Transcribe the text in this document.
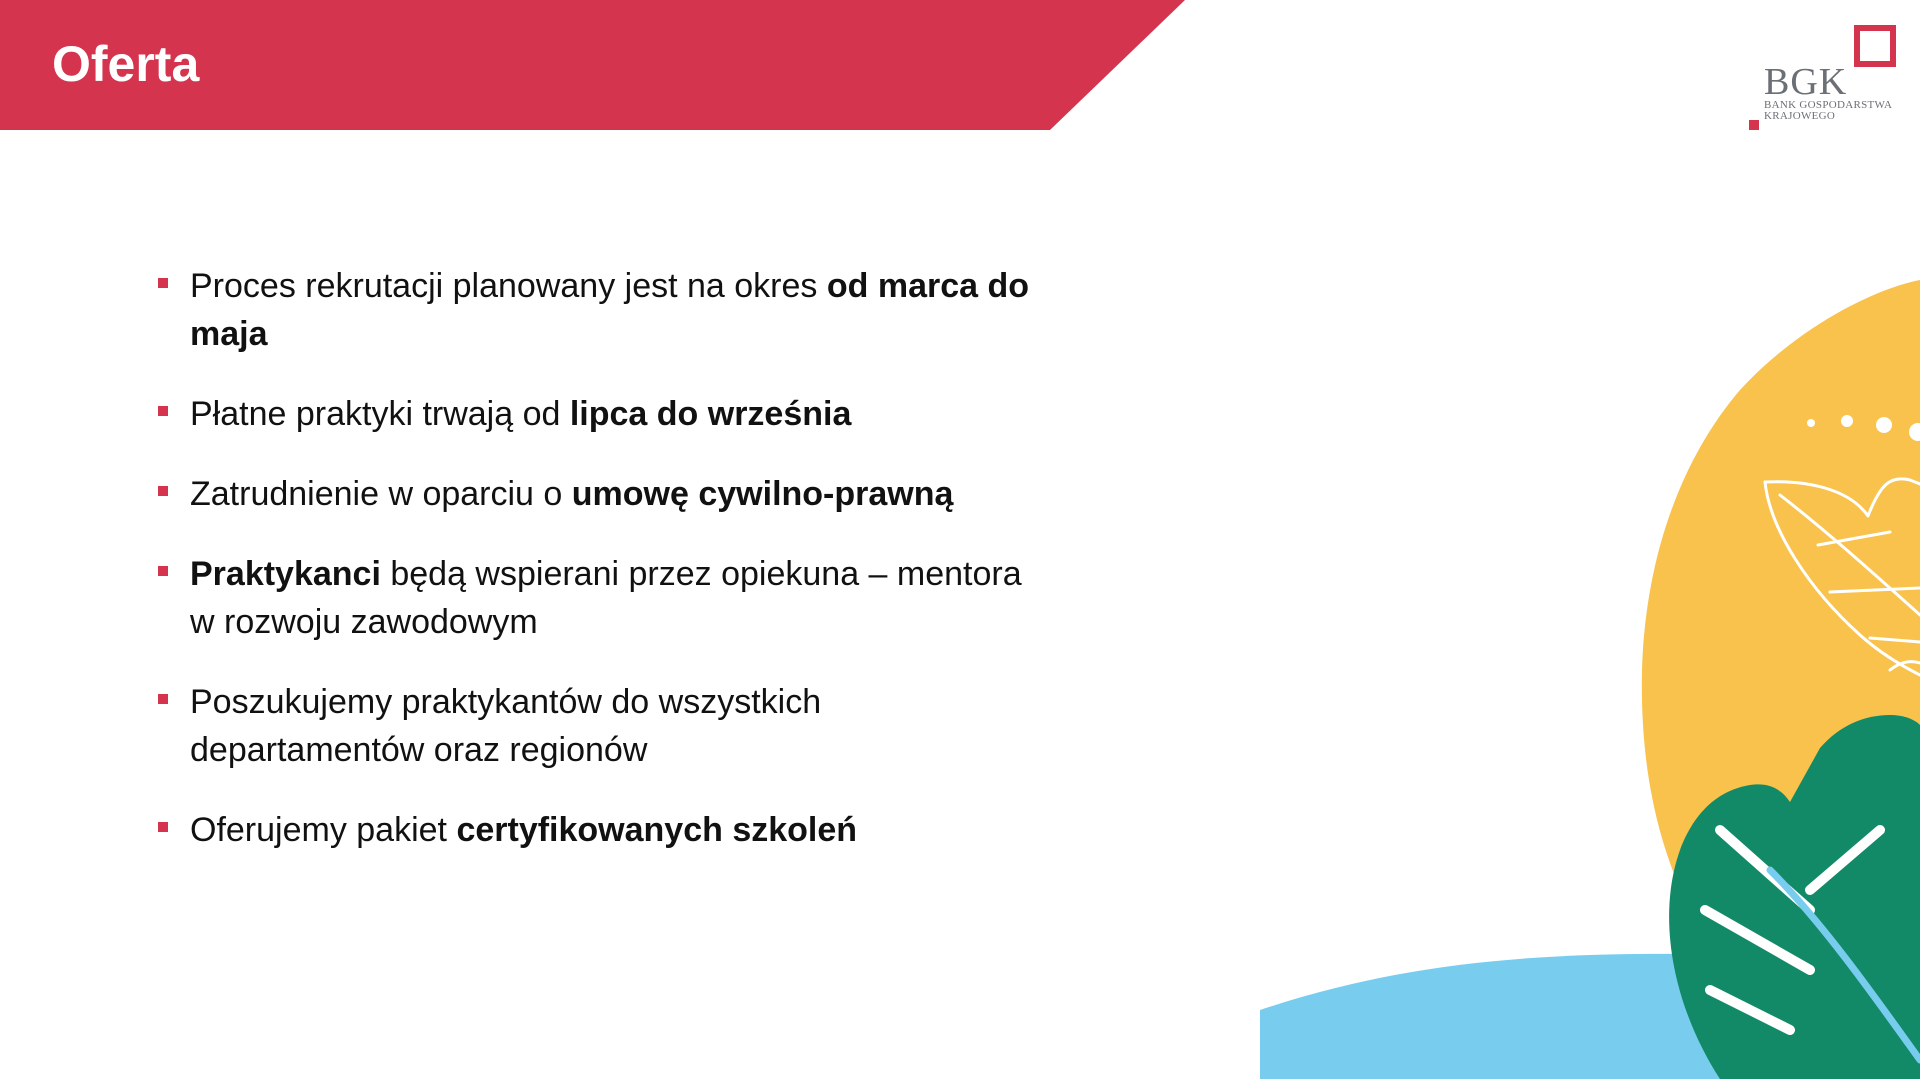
Oferta	BGK
BANK GOSPODARSTWA
KRAJOWEGO
Proces rekrutacji planowany jest na okres od marca do maja
Płatne praktyki trwają od lipca do września
Zatrudnienie w oparciu o umowę cywilno-prawną
Praktykanci będą wspierani przez opiekuna – mentora w rozwoju zawodowym
Poszukujemy praktykantów do wszystkich departamentów oraz regionów
Oferujemy pakiet certyfikowanych szkoleń
